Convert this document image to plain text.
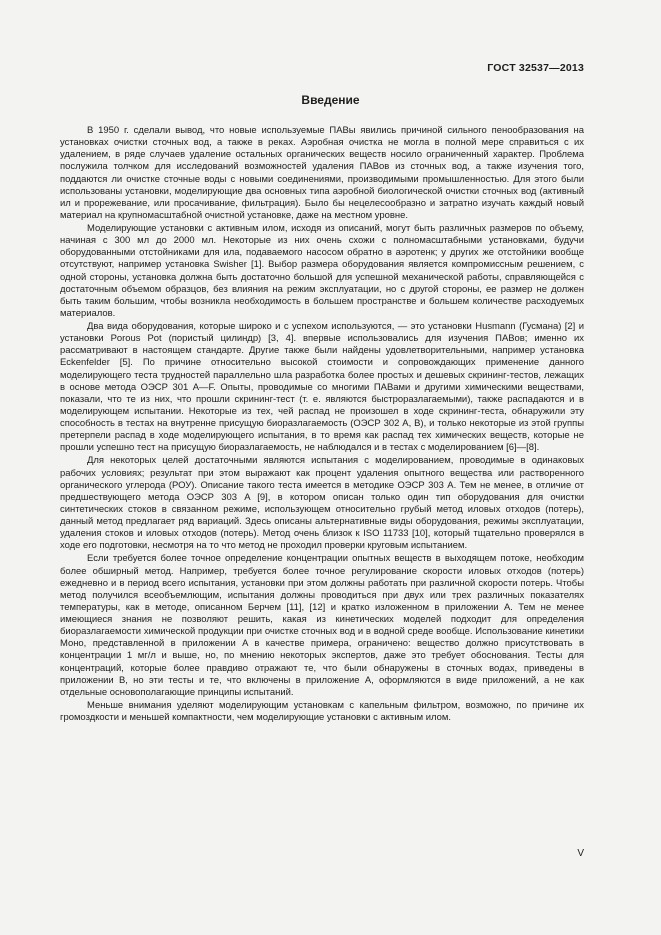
ГОСТ 32537—2013
Введение

В 1950 г. сделали вывод, что новые используемые ПАВы явились причиной сильного пенообразования на установках очистки сточных вод, а также в реках. Аэробная очистка не могла в полной мере справиться с их удалением, в ряде случаев удаление остальных органических веществ носило ограниченный характер. Проблема послужила толчком для исследований возможностей удаления ПАВов из сточных вод, а также изучения того, поддаются ли очистке сточные воды с новыми соединениями, производимыми промышленностью. Для этого были использованы установки, моделирующие два основных типа аэробной биологической очистки сточных вод (активный ил и прорежевание, или просачивание, фильтрация). Было бы нецелесообразно и затратно изучать каждый новый материал на крупномасштабной очистной установке, даже на местном уровне.

Моделирующие установки с активным илом, исходя из описаний, могут быть различных размеров по объему, начиная с 300 мл до 2000 мл. Некоторые из них очень схожи с полномасштабными установками, будучи оборудованными отстойниками для ила, подаваемого насосом обратно в аэротенк; у других же отстойники вообще отсутствуют, например установка Swisher [1]. Выбор размера оборудования является компромиссным решением, с одной стороны, установка должна быть достаточно большой для успешной механической работы, справляющейся с достаточным объемом образцов, без влияния на режим эксплуатации, но с другой стороны, ее размер не должен быть таким большим, чтобы возникла необходимость в большем пространстве и большем количестве расходуемых материалов.

Два вида оборудования, которые широко и с успехом используются, — это установки Husmann (Гусмана) [2] и установки Porous Pot (пористый цилиндр) [3, 4]. впервые использовались для изучения ПАВов; именно их рассматривают в настоящем стандарте. Другие также были найдены удовлетворительными, например установка Eckenfelder [5]. По причине относительно высокой стоимости и сопровождающих применение данного моделирующего теста трудностей параллельно шла разработка более простых и дешевых скрининг-тестов, лежащих в основе метода ОЭСР 301 A—F. Опыты, проводимые со многими ПАВами и другими химическими веществами, показали, что те из них, что прошли скрининг-тест (т. е. являются быстроразлагаемыми), также распадаются и в моделирующем испытании. Некоторые из тех, чей распад не произошел в ходе скрининг-теста, обнаружили эту способность в тестах на внутренне присущую биоразлагаемость (ОЭСР 302 A, B), и только некоторые из этой группы претерпели распад в ходе моделирующего испытания, в то время как распад тех химических веществ, которые не прошли успешно тест на присущую биоразлагаемость, не наблюдался и в тестах с моделированием [6]—[8].

Для некоторых целей достаточными являются испытания с моделированием, проводимые в одинаковых рабочих условиях; результат при этом выражают как процент удаления опытного вещества или растворенного органического углерода (РОУ). Описание такого теста имеется в методике ОЭСР 303 A. Тем не менее, в отличие от предшествующего метода ОЭСР 303 A [9], в котором описан только один тип оборудования для очистки синтетических стоков в связанном режиме, использующем относительно грубый метод иловых отходов (потерь), данный метод предлагает ряд вариаций. Здесь описаны альтернативные виды оборудования, режимы эксплуатации, удаления стоков и иловых отходов (потерь). Метод очень близок к ISO 11733 [10], который тщательно проверялся в ходе его подготовки, несмотря на то что метод не проходил проверки круговым испытанием.

Если требуется более точное определение концентрации опытных веществ в выходящем потоке, необходим более обширный метод. Например, требуется более точное регулирование скорости иловых отходов (потерь) ежедневно и в период всего испытания, установки при этом должны работать при различной скорости потерь. Чтобы метод получился всеобъемлющим, испытания должны проводиться при двух или трех различных показателях температуры, как в методе, описанном Берчем [11], [12] и кратко изложенном в приложении A. Тем не менее имеющиеся знания не позволяют решить, какая из кинетических моделей подходит для определения биоразлагаемости химической продукции при очистке сточных вод и в водной среде вообще. Использование кинетики Моно, представленной в приложении A в качестве примера, ограничено: вещество должно присутствовать в концентрации 1 мг/л и выше, но, по мнению некоторых экспертов, даже это требует обоснования. Тесты для концентраций, которые более правдиво отражают те, что были обнаружены в сточных водах, приведены в приложении B, но эти тесты и те, что включены в приложение A, оформляются в виде приложений, а не как отдельные основополагающие принципы испытаний.

Меньше внимания уделяют моделирующим установкам с капельным фильтром, возможно, по причине их громоздкости и меньшей компактности, чем моделирующие установки с активным илом.

V
